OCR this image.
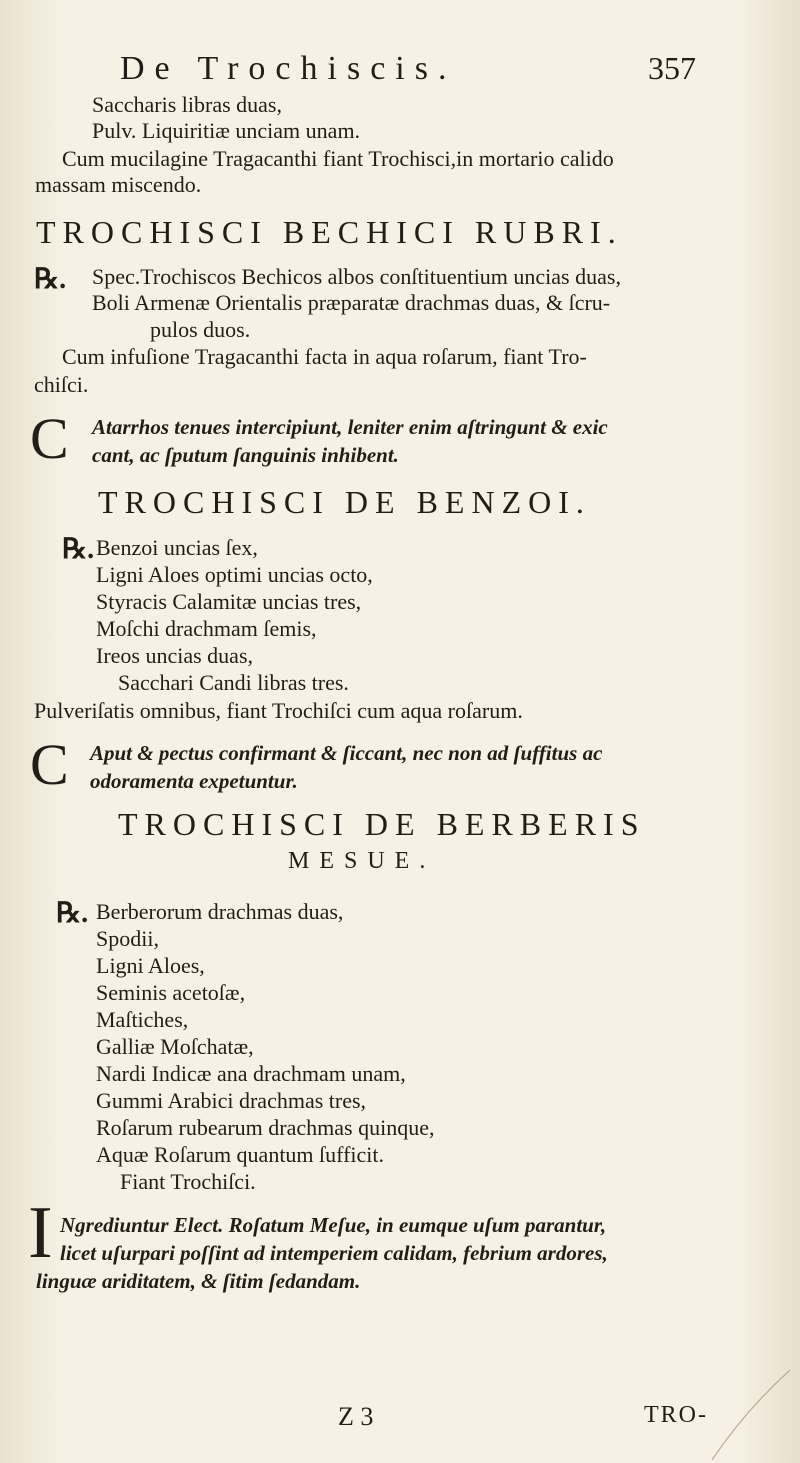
De Trochiscis.	357
Saccharis libras duas,
Pulv. Liquiritiæ unciam unam.
Cum mucilagine Tragacanthi fiant Trochisci,in mortario calido
massam miscendo.
TROCHISCI BECHICI RUBRI.
℞. Spec.Trochiscos Bechicos albos conſtituentium uncias duas,
Boli Armenæ Orientalis præparatæ drachmas duas, & ſcru-
pulos duos.
Cum infuſione Tragacanthi facta in aqua roſarum, fiant Tro-
chiſci.
C Atarrhos tenues intercipiunt, leniter enim aſtringunt & exic
cant, ac ſputum ſanguinis inhibent.
TROCHISCI DE BENZOI.
℞. Benzoi uncias ſex,
Ligni Aloes optimi uncias octo,
Styracis Calamitæ uncias tres,
Moſchi drachmam ſemis,
Ireos uncias duas,
Sacchari Candi libras tres.
Pulveriſatis omnibus, fiant Trochiſci cum aqua roſarum.
C Aput & pectus confirmant & ſiccant, nec non ad ſuffitus ac
odoramenta expetuntur.
TROCHISCI DE BERBERIS
MESUE.
℞. Berberorum drachmas duas,
Spodii,
Ligni Aloes,
Seminis acetoſæ,
Maſtiches,
Galliæ Moſchatæ,
Nardi Indicæ ana drachmam unam,
Gummi Arabici drachmas tres,
Roſarum rubearum drachmas quinque,
Aquæ Roſarum quantum ſufficit.
Fiant Trochiſci.
I Ngrediuntur Elect. Roſatum Meſue, in eumque uſum parantur,
licet uſurpari poſſint ad intemperiem calidam, febrium ardores,
linguæ ariditatem, & ſitim ſedandam.
Z 3	TRO-
